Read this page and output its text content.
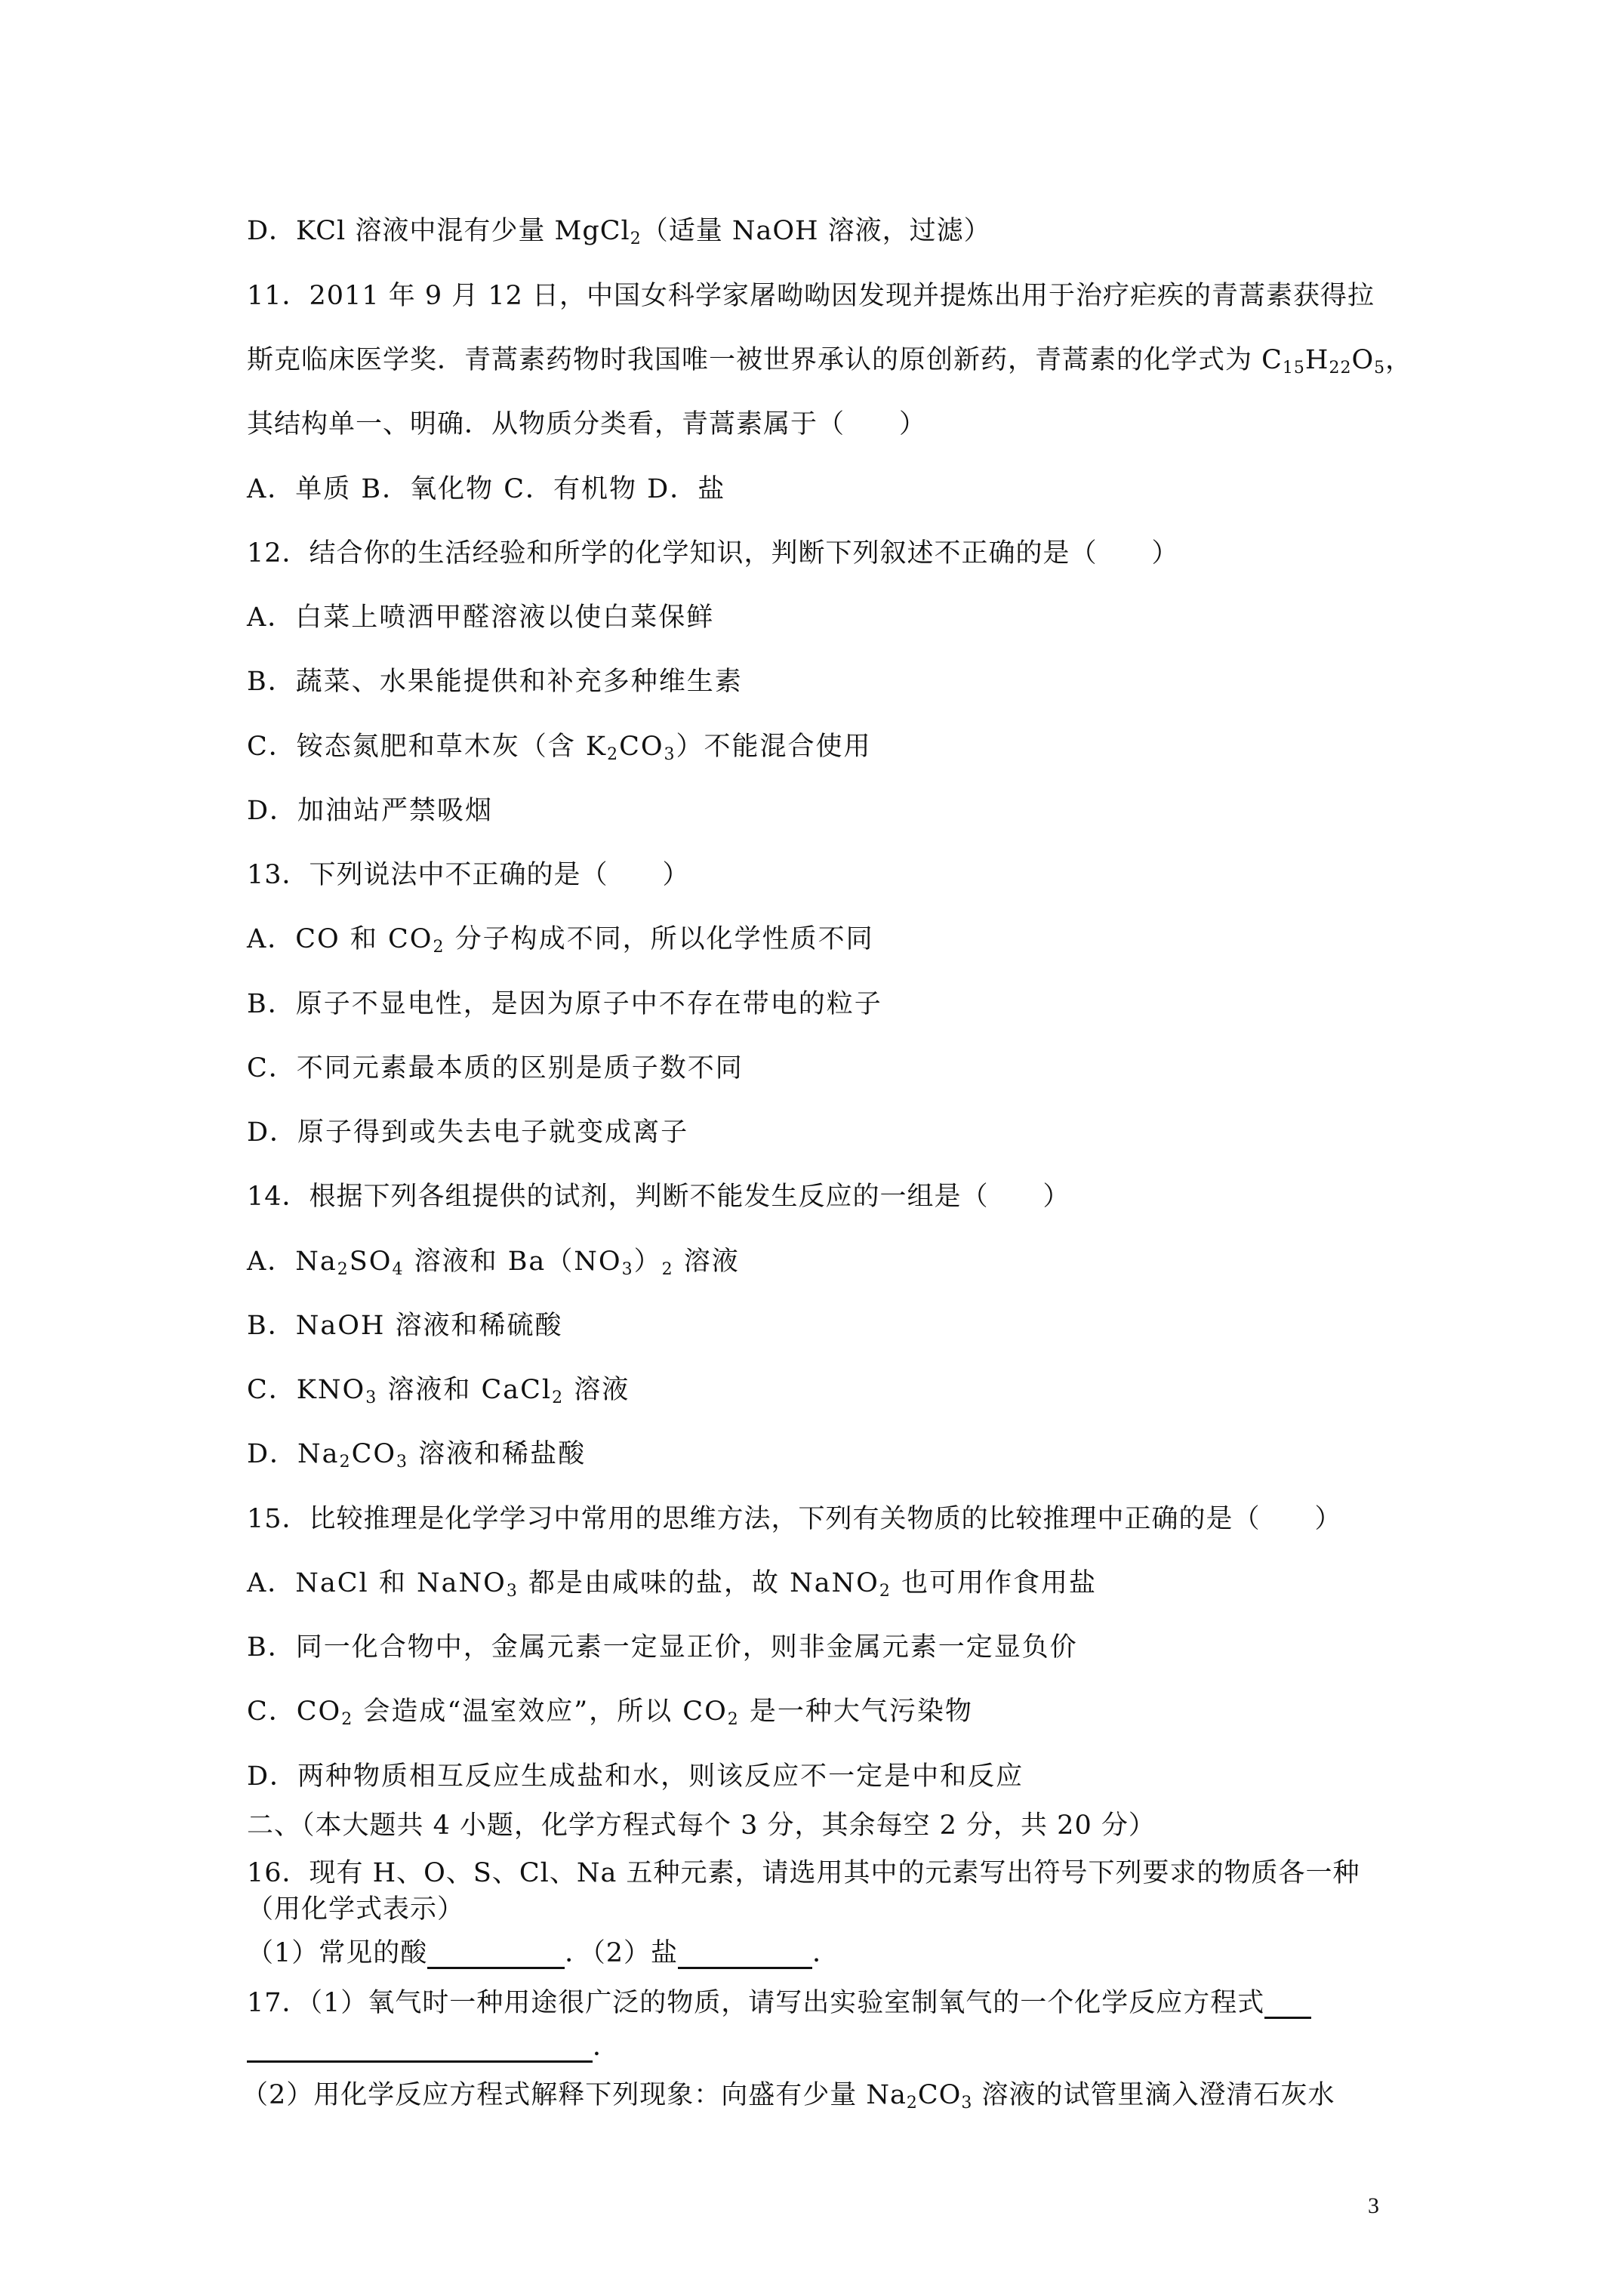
D．KCl 溶液中混有少量 MgCl$_2$（适量 NaOH 溶液，过滤）
11．2011 年 9 月 12 日，中国女科学家屠呦呦因发现并提炼出用于治疗疟疾的青蒿素获得拉
斯克临床医学奖．青蒿素药物时我国唯一被世界承认的原创新药，青蒿素的化学式为 $C_{15}H_{22}O_5$，
其结构单一、明确．从物质分类看，青蒿素属于（　　）
A．单质 B．氧化物 C．有机物 D．盐
12．结合你的生活经验和所学的化学知识，判断下列叙述不正确的是（　　）
A．白菜上喷洒甲醛溶液以使白菜保鲜
B．蔬菜、水果能提供和补充多种维生素
C．铵态氮肥和草木灰（含 $K_2CO_3$）不能混合使用
D．加油站严禁吸烟
13．下列说法中不正确的是（　　）
A．CO 和 $CO_2$ 分子构成不同，所以化学性质不同
B．原子不显电性，是因为原子中不存在带电的粒子
C．不同元素最本质的区别是质子数不同
D．原子得到或失去电子就变成离子
14．根据下列各组提供的试剂，判断不能发生反应的一组是（　　）
A．$Na_2SO_4$ 溶液和 $Ba(NO_3)_2$ 溶液
B．NaOH 溶液和稀硫酸
C．$KNO_3$ 溶液和 CaCl$_2$ 溶液
D．$Na_2CO_3$ 溶液和稀盐酸
15．比较推理是化学学习中常用的思维方法，下列有关物质的比较推理中正确的是（　　）
A．NaCl 和 NaNO$_3$ 都是由咸味的盐，故 NaNO$_2$ 也可用作食用盐
B．同一化合物中，金属元素一定显正价，则非金属元素一定显负价
C．$CO_2$ 会造成“温室效应”，所以 $CO_2$ 是一种大气污染物
D．两种物质相互反应生成盐和水，则该反应不一定是中和反应
二、（本大题共 4 小题，化学方程式每个 3 分，其余每空 2 分，共 20 分）
16．现有 H、O、S、Cl、Na 五种元素，请选用其中的元素写出符号下列要求的物质各一种
（用化学式表示）
（1）常见的酸	．（2）盐	．
17．（1）氧气时一种用途很广泛的物质，请写出实验室制氧气的一个化学反应方程式
．
（2）用化学反应方程式解释下列现象：向盛有少量 $Na_2CO_3$ 溶液的试管里滴入澄清石灰水
3
